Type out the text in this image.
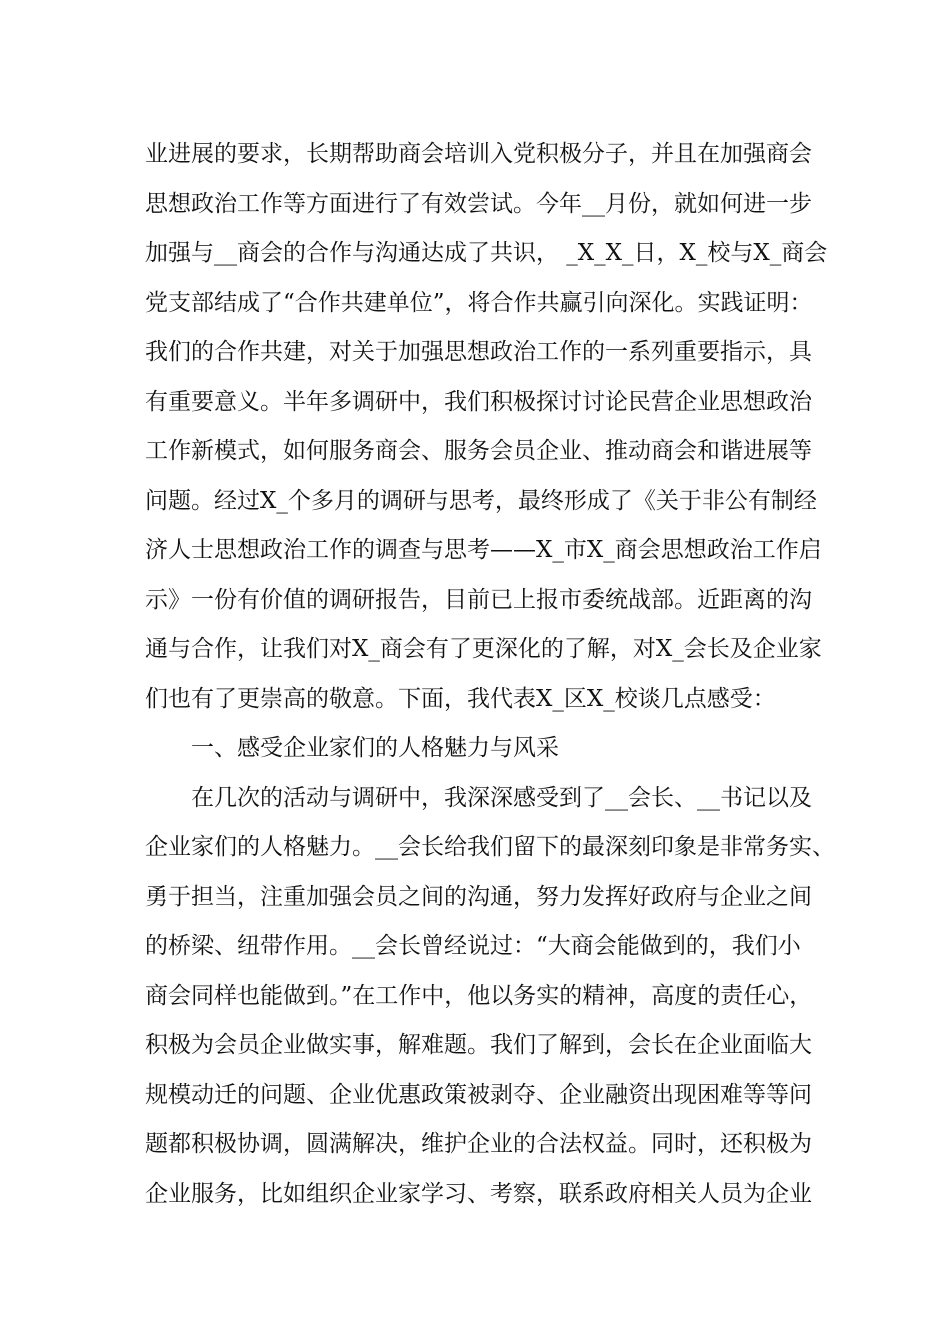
业进展的要求，长期帮助商会培训入党积极分子，并且在加强商会
思想政治工作等方面进行了有效尝试。今年__月份，就如何进一步
加强与__商会的合作与沟通达成了共识， _X_X_日，X_校与X_商会
党支部结成了“合作共建单位”，将合作共赢引向深化。实践证明：
我们的合作共建，对关于加强思想政治工作的一系列重要指示，具
有重要意义。半年多调研中，我们积极探讨讨论民营企业思想政治
工作新模式，如何服务商会、服务会员企业、推动商会和谐进展等
问题。经过X_个多月的调研与思考，最终形成了《关于非公有制经
济人士思想政治工作的调查与思考——X_市X_商会思想政治工作启
示》一份有价值的调研报告，目前已上报市委统战部。近距离的沟
通与合作，让我们对X_商会有了更深化的了解，对X_会长及企业家
们也有了更崇高的敬意。下面，我代表X_区X_校谈几点感受：
一、感受企业家们的人格魅力与风采
在几次的活动与调研中，我深深感受到了__会长、__书记以及
企业家们的人格魅力。__会长给我们留下的最深刻印象是非常务实、
勇于担当，注重加强会员之间的沟通，努力发挥好政府与企业之间
的桥梁、纽带作用。__会长曾经说过：“大商会能做到的，我们小
商会同样也能做到。”在工作中，他以务实的精神，高度的责任心，
积极为会员企业做实事，解难题。我们了解到，会长在企业面临大
规模动迁的问题、企业优惠政策被剥夺、企业融资出现困难等等问
题都积极协调，圆满解决，维护企业的合法权益。同时，还积极为
企业服务，比如组织企业家学习、考察，联系政府相关人员为企业
